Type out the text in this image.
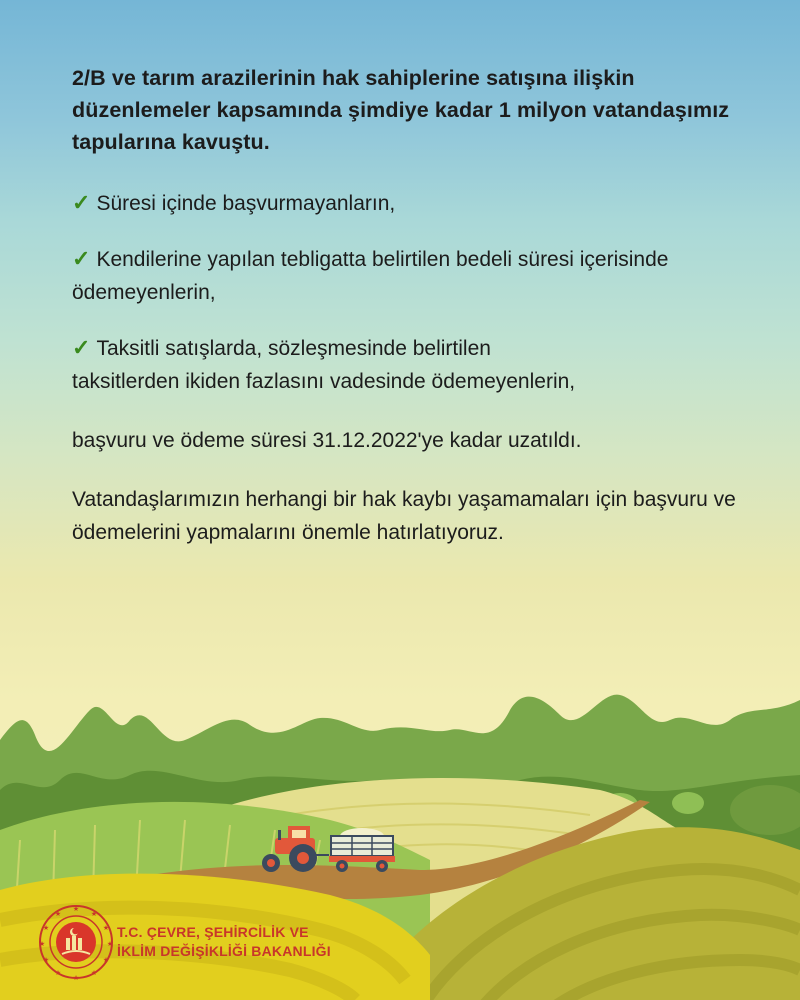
2/B ve tarım arazilerinin hak sahiplerine satışına ilişkin düzenlemeler kapsamında şimdiye kadar 1 milyon vatandaşımız tapularına kavuştu.

✓ Süresi içinde başvurmayanların,

✓ Kendilerine yapılan tebligatta belirtilen bedeli süresi içerisinde ödemeyenlerin,

✓ Taksitli satışlarda, sözleşmesinde belirtilen taksitlerden ikiden fazlasını vadesinde ödemeyenlerin,

başvuru ve ödeme süresi 31.12.2022'ye kadar uzatıldı.

Vatandaşlarımızın herhangi bir hak kaybı yaşamamaları için başvuru ve ödemelerini yapmalarını önemle hatırlatıyoruz.

★
★
★
★
★
★
★
★
★
★
★
★
T.C. ÇEVRE, ŞEHİRCİLİK VE
İKLİM DEĞİŞİKLİĞİ BAKANLIĞI
